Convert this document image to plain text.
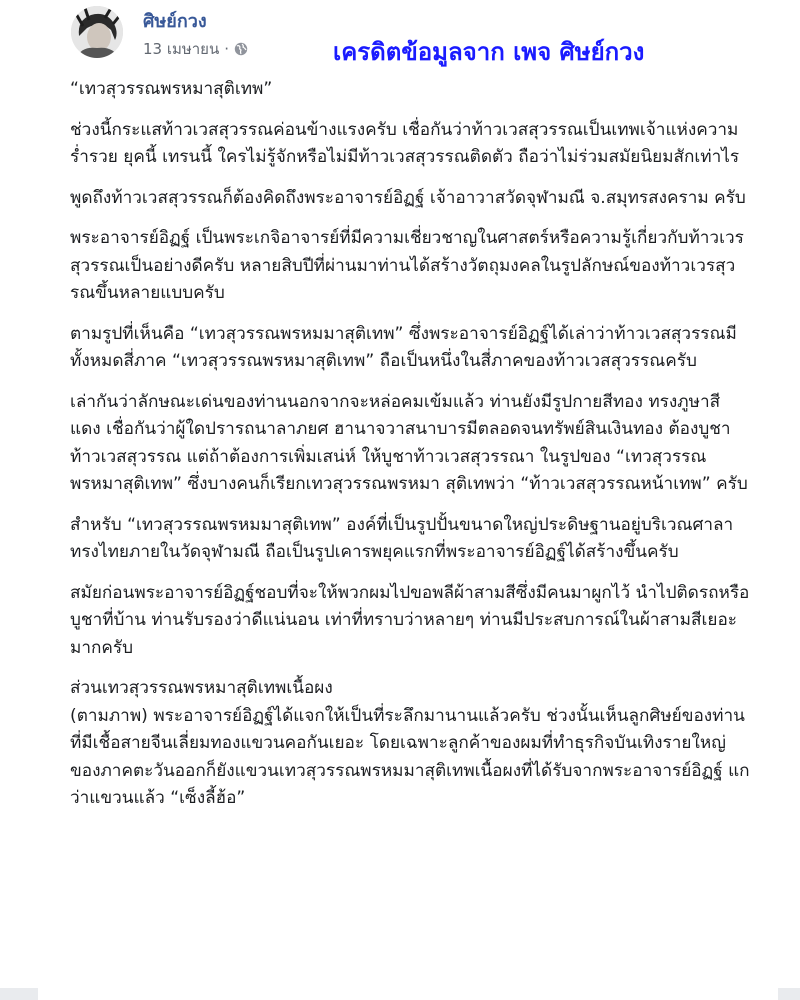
ศิษย์กวง
13 เมษายน ·	เครดิตข้อมูลจาก เพจ ศิษย์กวง

“เทวสุวรรณพรหมาสุติเทพ”

ช่วงนี้กระแสท้าวเวสสุวรรณค่อนข้างแรงครับ เชื่อกันว่าท้าวเวสสุวรรณเป็นเทพเจ้าแห่งความร่ำรวย ยุคนี้ เทรนนี้ ใครไม่รู้จักหรือไม่มีท้าวเวสสุวรรณติดตัว ถือว่าไม่ร่วมสมัยนิยมสักเท่าไร

พูดถึงท้าวเวสสุวรรณก็ต้องคิดถึงพระอาจารย์อิฏฐ์ เจ้าอาวาสวัดจุฬามณี จ.สมุทรสงคราม ครับ

พระอาจารย์อิฏฐ์ เป็นพระเกจิอาจารย์ที่มีความเชี่ยวชาญในศาสตร์หรือความรู้เกี่ยวกับท้าวเวรสุวรรณเป็นอย่างดีครับ หลายสิบปีที่ผ่านมาท่านได้สร้างวัตถุมงคลในรูปลักษณ์ของท้าวเวรสุวรณขึ้นหลายแบบครับ

ตามรูปที่เห็นคือ “เทวสุวรรณพรหมมาสุติเทพ” ซึ่งพระอาจารย์อิฏฐ์ได้เล่าว่าท้าวเวสสุวรรณมีทั้งหมดสี่ภาค “เทวสุวรรณพรหมาสุติเทพ” ถือเป็นหนึ่งในสี่ภาคของท้าวเวสสุวรรณครับ

เล่ากันว่าลักษณะเด่นของท่านนอกจากจะหล่อคมเข้มแล้ว ท่านยังมีรูปกายสีทอง ทรงภูษาสีแดง เชื่อกันว่าผู้ใดปรารถนาลาภยศ ฮานาจวาสนาบารมีตลอดจนทรัพย์สินเงินทอง ต้องบูชาท้าวเวสสุวรรณ แต่ถ้าต้องการเพิ่มเสน่ห์ ให้บูชาท้าวเวสสุวรรณา ในรูปของ “เทวสุวรรณพรหมาสุติเทพ” ซึ่งบางคนก็เรียกเทวสุวรรณพรหมา สุติเทพว่า “ท้าวเวสสุวรรณหน้าเทพ” ครับ

สำหรับ “เทวสุวรรณพรหมมาสุติเทพ” องค์ที่เป็นรูปปั้นขนาดใหญ่ประดิษฐานอยู่บริเวณศาลาทรงไทยภายในวัดจุฬามณี ถือเป็นรูปเคารพยุคแรกที่พระอาจารย์อิฏฐ์ได้สร้างขึ้นครับ

สมัยก่อนพระอาจารย์อิฏฐ์ชอบที่จะให้พวกผมไปขอพลีผ้าสามสีซึ่งมีคนมาผูกไว้ นำไปติดรถหรือบูชาที่บ้าน ท่านรับรองว่าดีแน่นอน เท่าที่ทราบว่าหลายๆ ท่านมีประสบการณ์ในผ้าสามสีเยอะมากครับ

ส่วนเทวสุวรรณพรหมาสุติเทพเนื้อผง
(ตามภาพ) พระอาจารย์อิฏฐ์ได้แจกให้เป็นที่ระลึกมานานแล้วครับ ช่วงนั้นเห็นลูกศิษย์ของท่านที่มีเชื้อสายจีนเลี่ยมทองแขวนคอกันเยอะ โดยเฉพาะลูกค้าของผมที่ทำธุรกิจบันเทิงรายใหญ่ของภาคตะวันออกก็ยังแขวนเทวสุวรรณพรหมมาสุติเทพเนื้อผงที่ได้รับจากพระอาจารย์อิฏฐ์ แกว่าแขวนแล้ว “เซ็งลี้ฮ้อ”
